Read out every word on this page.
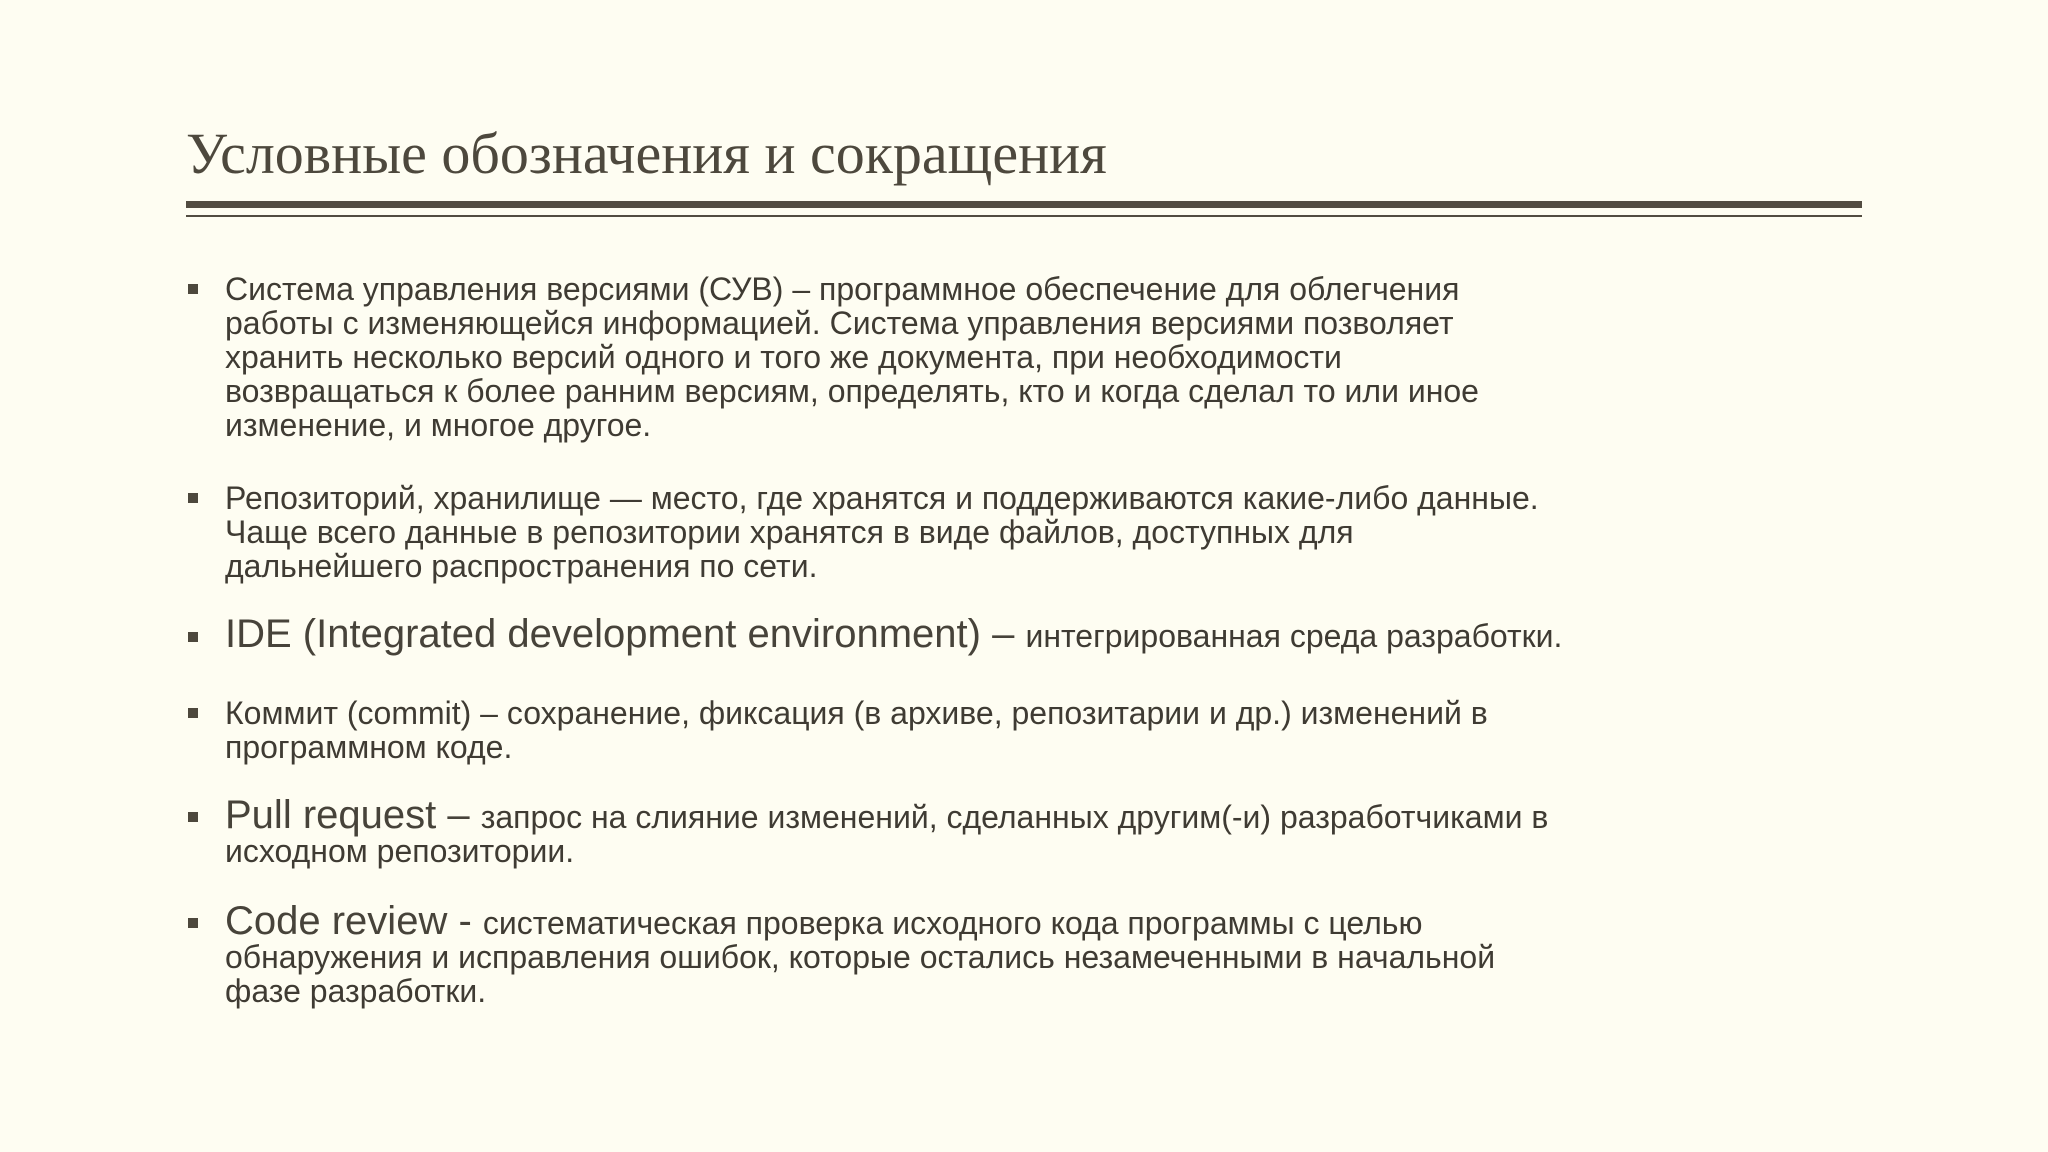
Условные обозначения и сокращения

Система управления версиями (СУВ) – программное обеспечение для облегчения
работы с изменяющейся информацией. Система управления версиями позволяет
хранить несколько версий одного и того же документа, при необходимости
возвращаться к более ранним версиям, определять, кто и когда сделал то или иное
изменение, и многое другое.

Репозиторий, хранилище — место, где хранятся и поддерживаются какие-либо данные.
Чаще всего данные в репозитории хранятся в виде файлов, доступных для
дальнейшего распространения по сети.

IDE (Integrated development environment) – интегрированная среда разработки.

Коммит (commit) – сохранение, фиксация (в архиве, репозитарии и др.) изменений в
программном коде.

Pull request – запрос на слияние изменений, сделанных другим(-и) разработчиками в
исходном репозитории.

Code review - систематическая проверка исходного кода программы с целью
обнаружения и исправления ошибок, которые остались незамеченными в начальной
фазе разработки.
